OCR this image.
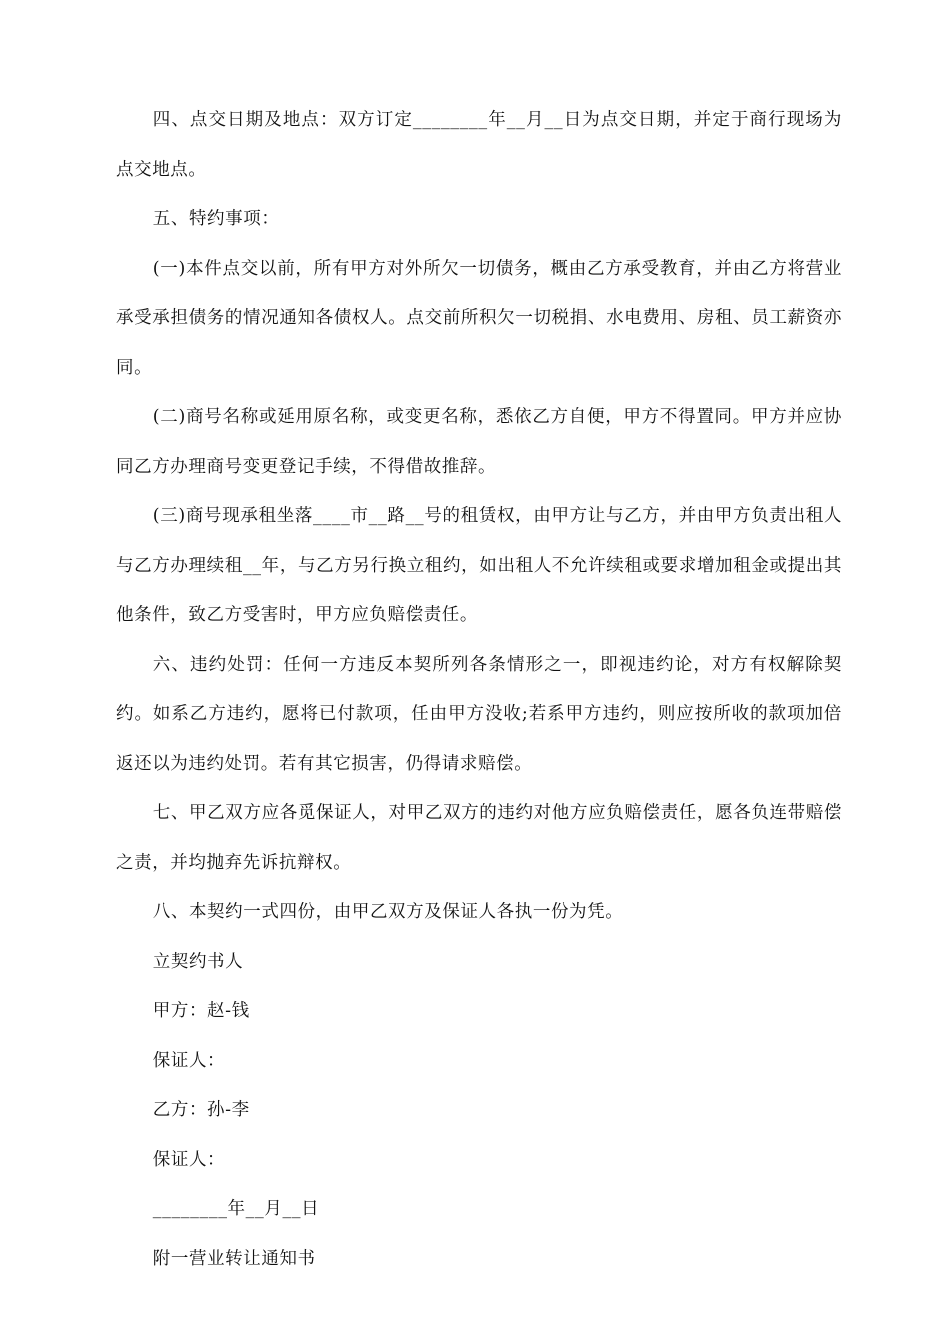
四、点交日期及地点：双方订定________年__月__日为点交日期，并定于商行现场为点交地点。

五、特约事项：

(一)本件点交以前，所有甲方对外所欠一切债务，概由乙方承受教育，并由乙方将营业承受承担债务的情况通知各债权人。点交前所积欠一切税捐、水电费用、房租、员工薪资亦同。

(二)商号名称或延用原名称，或变更名称，悉依乙方自便，甲方不得置同。甲方并应协同乙方办理商号变更登记手续，不得借故推辞。

(三)商号现承租坐落____市__路__号的租赁权，由甲方让与乙方，并由甲方负责出租人与乙方办理续租__年，与乙方另行换立租约，如出租人不允许续租或要求增加租金或提出其他条件，致乙方受害时，甲方应负赔偿责任。

六、违约处罚：任何一方违反本契所列各条情形之一，即视违约论，对方有权解除契约。如系乙方违约，愿将已付款项，任由甲方没收;若系甲方违约，则应按所收的款项加倍返还以为违约处罚。若有其它损害，仍得请求赔偿。

七、甲乙双方应各觅保证人，对甲乙双方的违约对他方应负赔偿责任，愿各负连带赔偿之责，并均抛弃先诉抗辩权。

八、本契约一式四份，由甲乙双方及保证人各执一份为凭。

立契约书人

甲方：赵-钱

保证人：

乙方：孙-李

保证人：

________年__月__日

附一营业转让通知书
